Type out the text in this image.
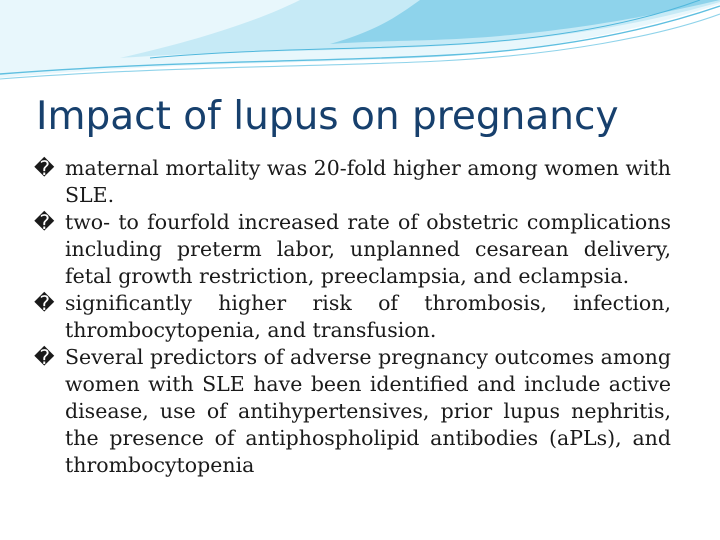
Impact of lupus on pregnancy
� maternal mortality was 20-fold higher among women with SLE.
� two- to fourfold increased rate of obstetric complications including preterm labor, unplanned cesarean delivery, fetal growth restriction, preeclampsia, and eclampsia.
� significantly higher risk of thrombosis, infection, thrombocytopenia, and transfusion.
� Several predictors of adverse pregnancy outcomes among women with SLE have been identified and include active disease, use of antihypertensives, prior lupus nephritis, the presence of antiphospholipid antibodies (aPLs), and thrombocytopenia
